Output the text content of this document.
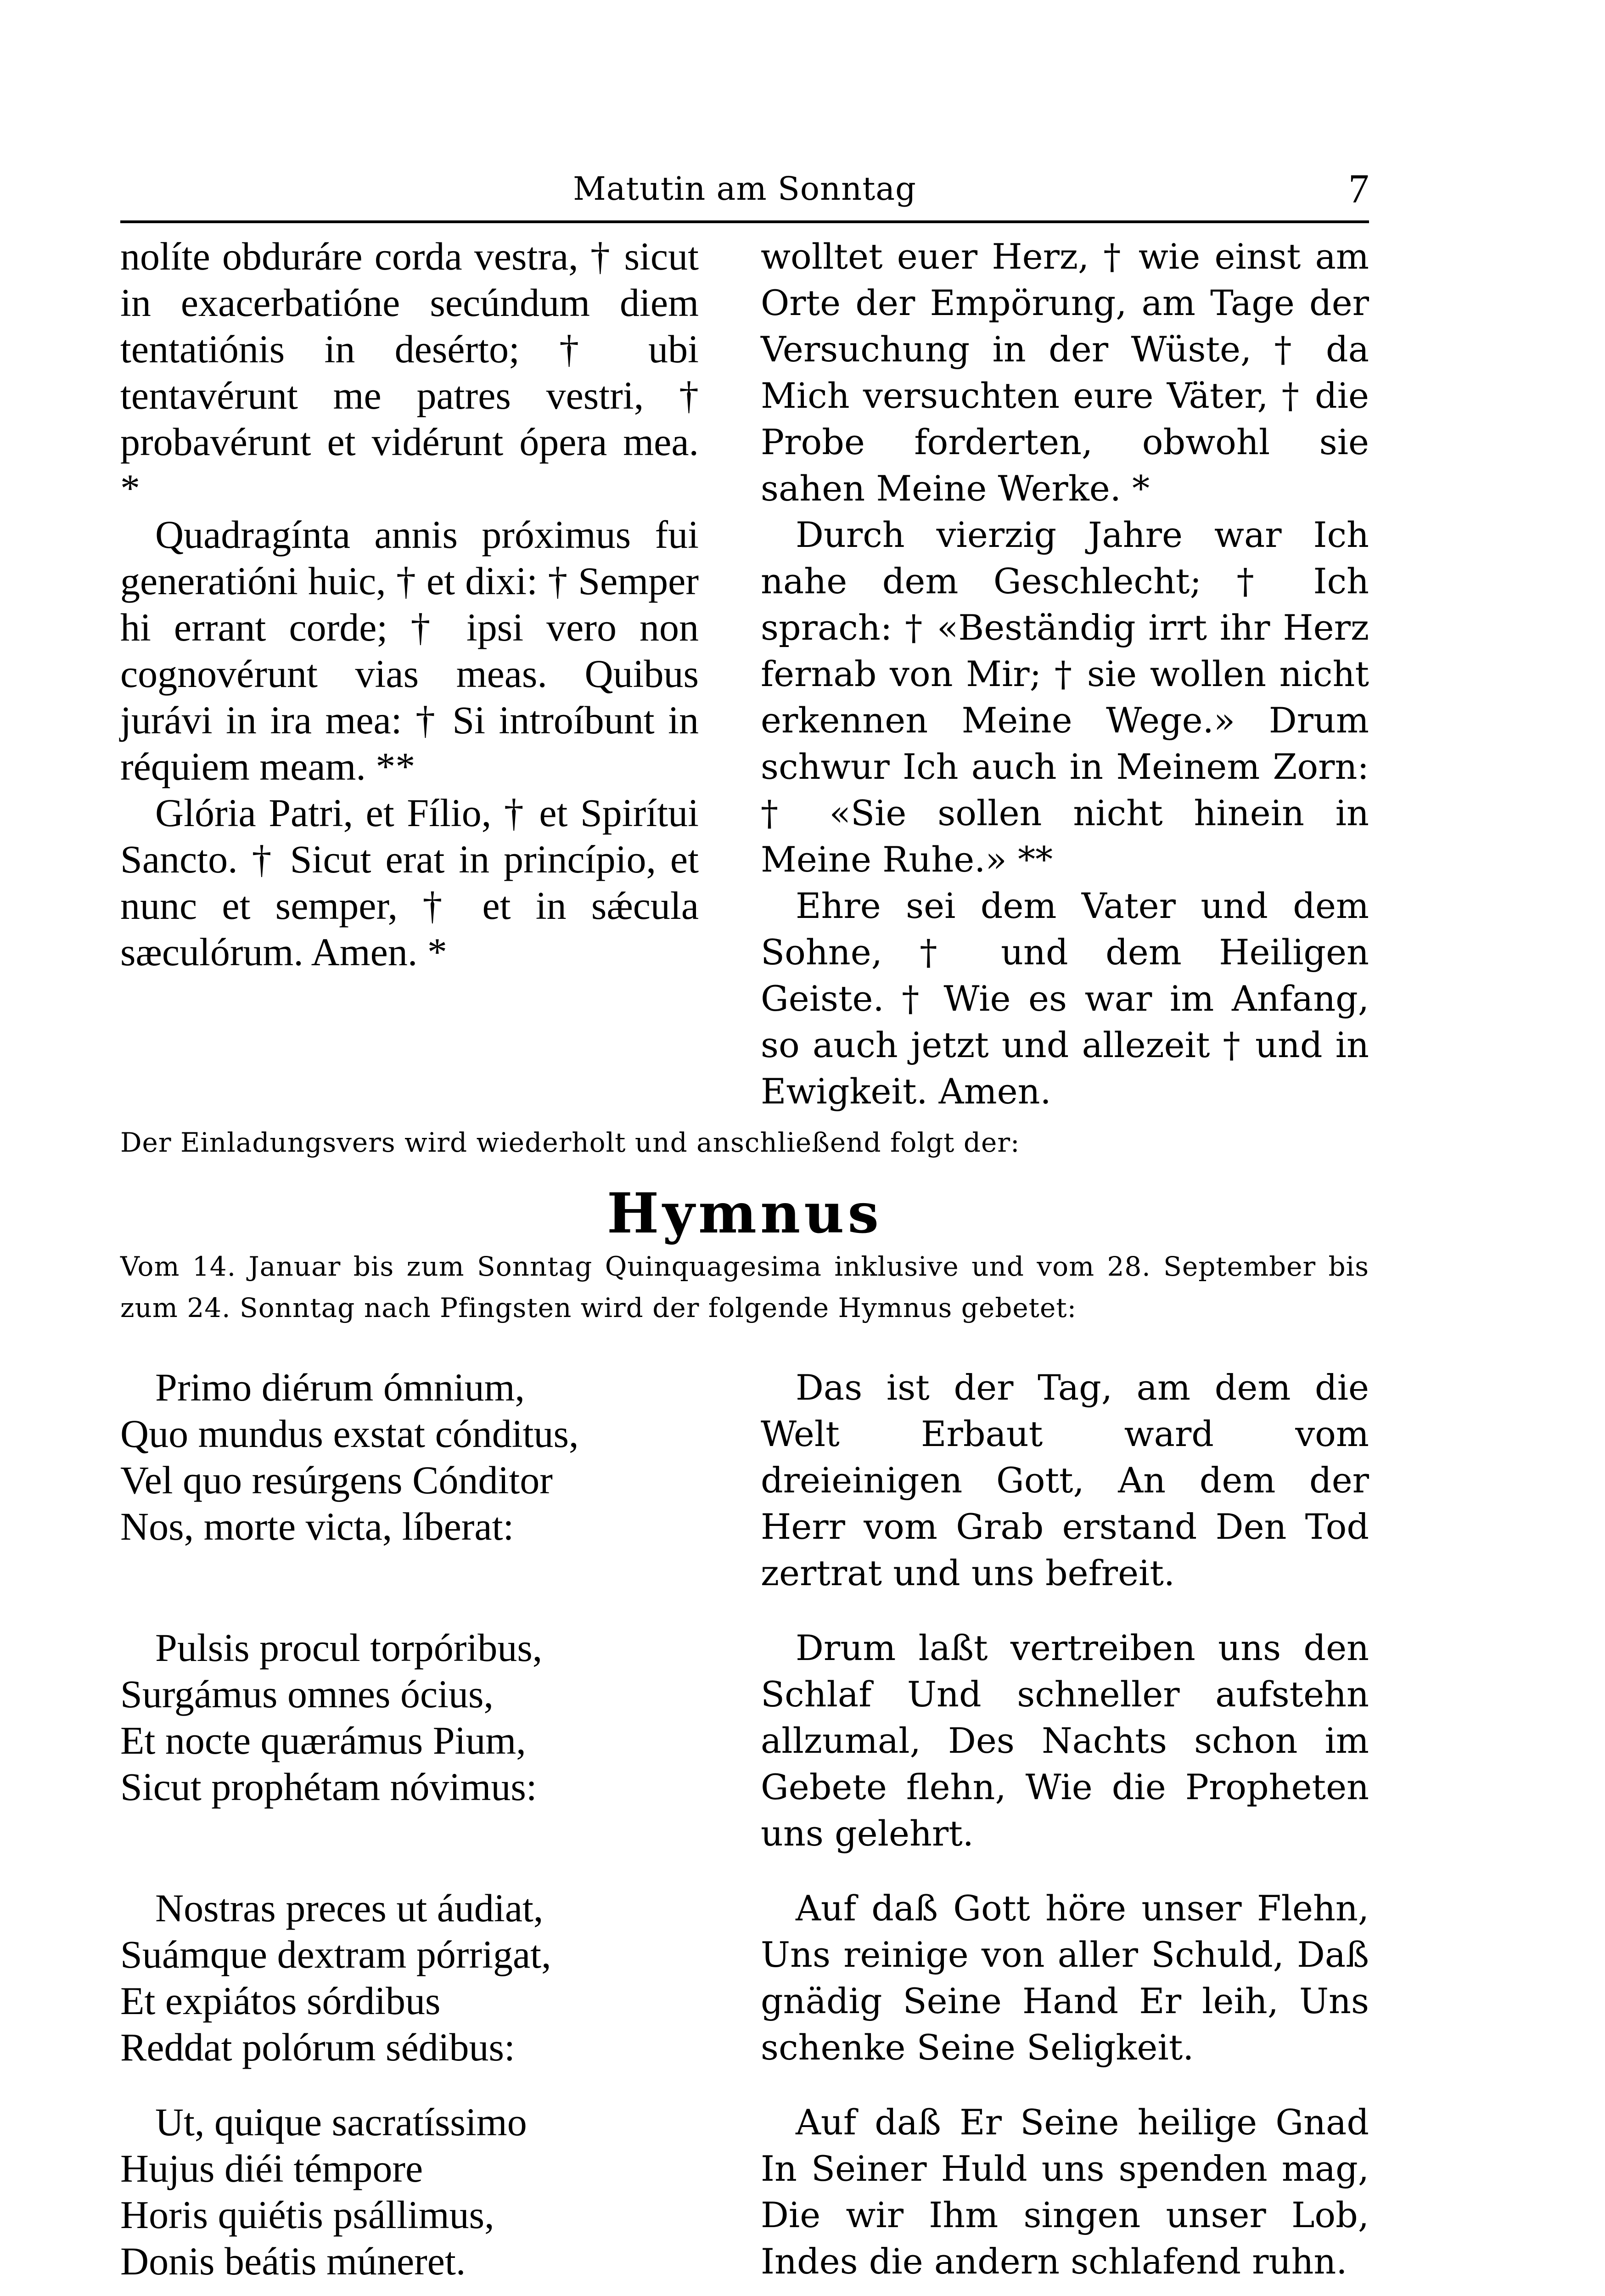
Matutin am Sonntag	7

nolíte obduráre corda vestra, † sicut in exacerbatióne secúndum diem tentatiónis in desérto; † ubi tentavérunt me patres vestri, † probavérunt et vidérunt ópera mea. *

Quadragínta annis próximus fui generatióni huic, † et dixi: † Semper hi errant corde; † ipsi vero non cognovérunt vias meas. Quibus jurávi in ira mea: † Si introíbunt in réquiem meam. **

Glória Patri, et Fílio, † et Spirítui Sancto. † Sicut erat in princípio, et nunc et semper, † et in sǽcula sæculórum. Amen. *

wolltet euer Herz, † wie einst am Orte der Empörung, am Tage der Versuchung in der Wüste, † da Mich versuchten eure Väter, † die Probe forderten, obwohl sie sahen Meine Werke. *

Durch vierzig Jahre war Ich nahe dem Geschlecht; † Ich sprach: † «Beständig irrt ihr Herz fernab von Mir; † sie wollen nicht erkennen Meine Wege.» Drum schwur Ich auch in Meinem Zorn: † «Sie sollen nicht hinein in Meine Ruhe.» **

Ehre sei dem Vater und dem Sohne, † und dem Heiligen Geiste. † Wie es war im Anfang, so auch jetzt und allezeit † und in Ewigkeit. Amen.

Der Einladungsvers wird wiederholt und anschließend folgt der:
Hymnus
Vom 14. Januar bis zum Sonntag Quinquagesima inklusive und vom 28. September bis zum 24. Sonntag nach Pfingsten wird der folgende Hymnus gebetet:
Primo diérum ómnium,
Quo mundus exstat cónditus,
Vel quo resúrgens Cónditor
Nos, morte victa, líberat:

Das ist der Tag, am dem die Welt Erbaut ward vom dreieinigen Gott, An dem der Herr vom Grab erstand Den Tod zertrat und uns befreit.

Pulsis procul torpóribus,
Surgámus omnes ócius,
Et nocte quærámus Pium,
Sicut prophétam nóvimus:

Drum laßt vertreiben uns den Schlaf Und schneller aufstehn allzumal, Des Nachts schon im Gebete flehn, Wie die Propheten uns gelehrt.

Nostras preces ut áudiat,
Suámque dextram pórrigat,
Et expiátos sórdibus
Reddat polórum sédibus:

Auf daß Gott höre unser Flehn, Uns reinige von aller Schuld, Daß gnädig Seine Hand Er leih, Uns schenke Seine Seligkeit.

Ut, quique sacratíssimo
Hujus diéi témpore
Horis quiétis psállimus,
Donis beátis múneret.

Auf daß Er Seine heilige Gnad In Seiner Huld uns spenden mag, Die wir Ihm singen unser Lob, Indes die andern schlafend ruhn.
